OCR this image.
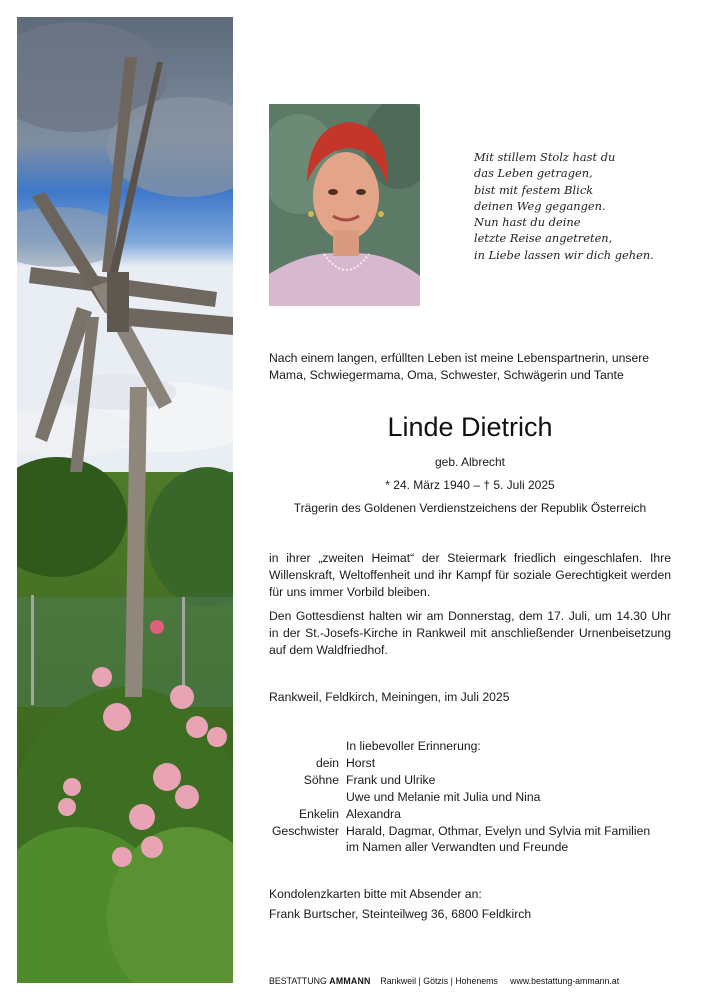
Mit stillem Stolz hast du
das Leben getragen,
bist mit festem Blick
deinen Weg gegangen.
Nun hast du deine
letzte Reise angetreten,
in Liebe lassen wir dich gehen.
Nach einem langen, erfüllten Leben ist meine Lebenspartnerin, unsere Mama, Schwiegermama, Oma, Schwester, Schwägerin und Tante
Linde Dietrich
geb. Albrecht
* 24. März 1940 – † 5. Juli 2025
Trägerin des Goldenen Verdienstzeichens der Republik Österreich
in ihrer „zweiten Heimat“ der Steiermark friedlich eingeschlafen. Ihre Willenskraft, Weltoffenheit und ihr Kampf für soziale Gerechtigkeit werden für uns immer Vorbild bleiben.
Den Gottesdienst halten wir am Donnerstag, dem 17. Juli, um 14.30 Uhr in der St.-Josefs-Kirche in Rankweil mit anschließender Urnenbeisetzung auf dem Waldfriedhof.
Rankweil, Feldkirch, Meiningen, im Juli 2025
In liebevoller Erinnerung:
dein Horst
Söhne Frank und Ulrike
Uwe und Melanie mit Julia und Nina
Enkelin Alexandra
Geschwister Harald, Dagmar, Othmar, Evelyn und Sylvia mit Familien
im Namen aller Verwandten und Freunde
Kondolenzkarten bitte mit Absender an:
Frank Burtscher, Steinteilweg 36, 6800 Feldkirch
BESTATTUNG AMMANN Rankweil | Götzis | Hohenems www.bestattung-ammann.at
